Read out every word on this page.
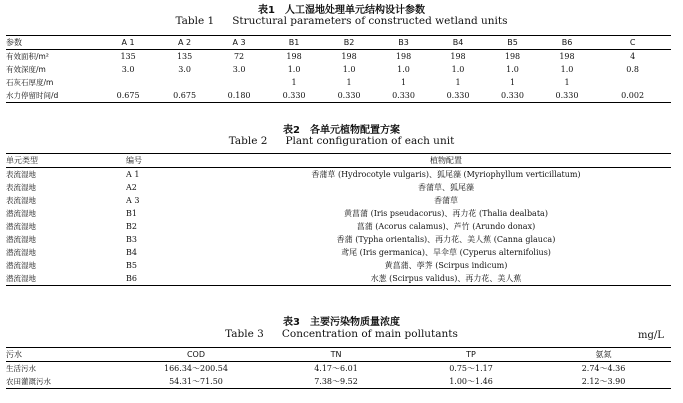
表1　人工湿地处理单元结构设计参数
Table 1 Structural parameters of constructed wetland units
参数	A 1	A 2	A 3	B1	B2	B3	B4	B5	B6	C
有效面积/m²	135	135	72	198	198	198	198	198	198	4
有效深度/m	3.0	3.0	3.0	1.0	1.0	1.0	1.0	1.0	1.0	0.8
石灰石厚度/m				1	1	1	1	1	1	
水力停留时间/d	0.675	0.675	0.180	0.330	0.330	0.330	0.330	0.330	0.330	0.002
表2　各单元植物配置方案
Table 2 Plant configuration of each unit
单元类型	编号	植物配置
表流湿地	A 1	香蒲草 (Hydrocotyle vulgaris)、狐尾藻 (Myriophyllum verticillatum)
表流湿地	A2	香蒲草、狐尾藻
表流湿地	A 3	香蒲草
潜流湿地	B1	黄菖蒲 (Iris pseudacorus)、再力花 (Thalia dealbata)
潜流湿地	B2	菖蒲 (Acorus calamus)、芦竹 (Arundo donax)
潜流湿地	B3	香蒲 (Typha orientalis)、再力花、美人蕉 (Canna glauca)
潜流湿地	B4	鸢尾 (Iris germanica)、旱伞草 (Cyperus alternifolius)
潜流湿地	B5	黄菖蒲、荸荠 (Scirpus indicum)
潜流湿地	B6	水葱 (Scirpus validus)、再力花、美人蕉
表3　主要污染物质量浓度
Table 3 Concentration of main pollutants	mg/L
污水	COD	TN	TP	氨氮
生活污水	166.34～200.54	4.17～6.01	0.75～1.17	2.74～4.36
农田灌溉污水	54.31～71.50	7.38～9.52	1.00～1.46	2.12～3.90
